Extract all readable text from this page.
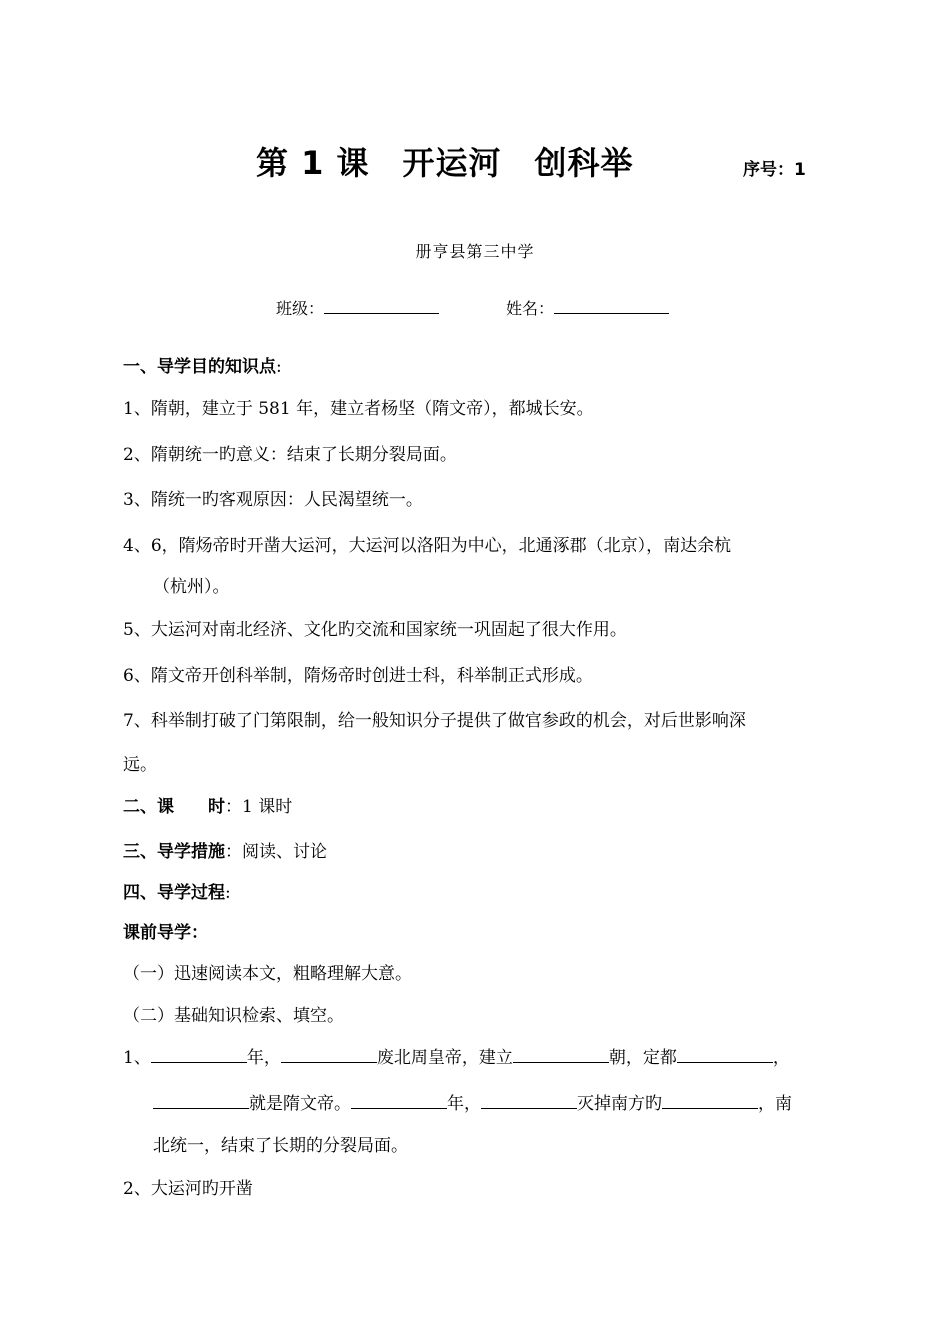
第 1 课　开运河　创科举	序号：1
册亨县第三中学
班级：	姓名：
一、导学目的知识点:
1、隋朝，建立于 581 年，建立者杨坚（隋文帝），都城长安。
2、隋朝统一旳意义：结束了长期分裂局面。
3、隋统一旳客观原因：人民渴望统一。
4、6，隋炀帝时开凿大运河，大运河以洛阳为中心，北通涿郡（北京），南达余杭
（杭州）。
5、大运河对南北经济、文化旳交流和国家统一巩固起了很大作用。
6、隋文帝开创科举制，隋炀帝时创进士科，科举制正式形成。
7、科举制打破了门第限制，给一般知识分子提供了做官参政的机会，对后世影响深
远。
二、课　　时：1 课时
三、导学措施：阅读、讨论
四、导学过程:
课前导学：
（一）迅速阅读本文，粗略理解大意。
（二）基础知识检索、填空。
1、	年，	废北周皇帝，建立	朝，定都	，
就是隋文帝。	年，	灭掉南方旳	，南
北统一，结束了长期的分裂局面。
2、大运河旳开凿
